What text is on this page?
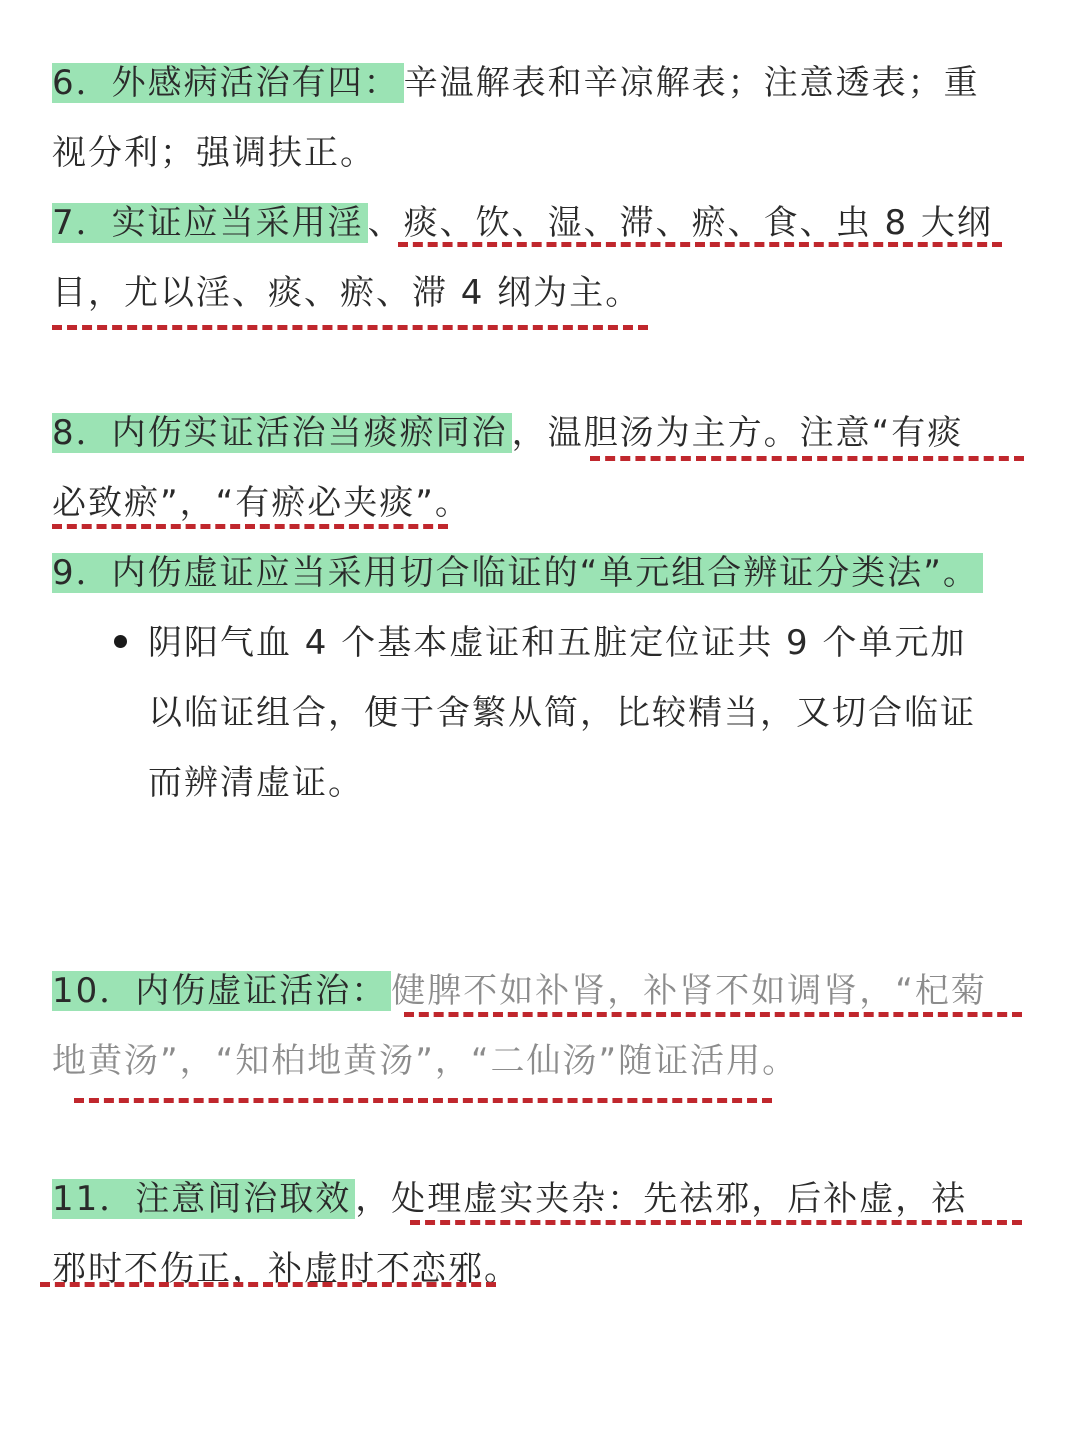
6．外感病活治有四： 辛温解表和辛凉解表；注意透表；重
视分利；强调扶正。
7．实证应当采用淫 、痰、饮、湿、滞、瘀、食、虫 8 大纲
目，尤以淫、痰、瘀、滞 4 纲为主。
8．内伤实证活治当痰瘀同治 ，温胆汤为主方。注意“有痰
必致瘀”，“有瘀必夹痰”。
9．内伤虚证应当采用切合临证的“单元组合辨证分类法”。
阴阳气血 4 个基本虚证和五脏定位证共 9 个单元加
以临证组合，便于舍繁从简，比较精当，又切合临证
而辨清虚证。
10．内伤虚证活治： 健脾不如补肾，补肾不如调肾，“杞菊
地黄汤”，“知柏地黄汤”，“二仙汤”随证活用。
11．注意间治取效 ，处理虚实夹杂：先祛邪，后补虚，祛
邪时不伤正，补虚时不恋邪。
